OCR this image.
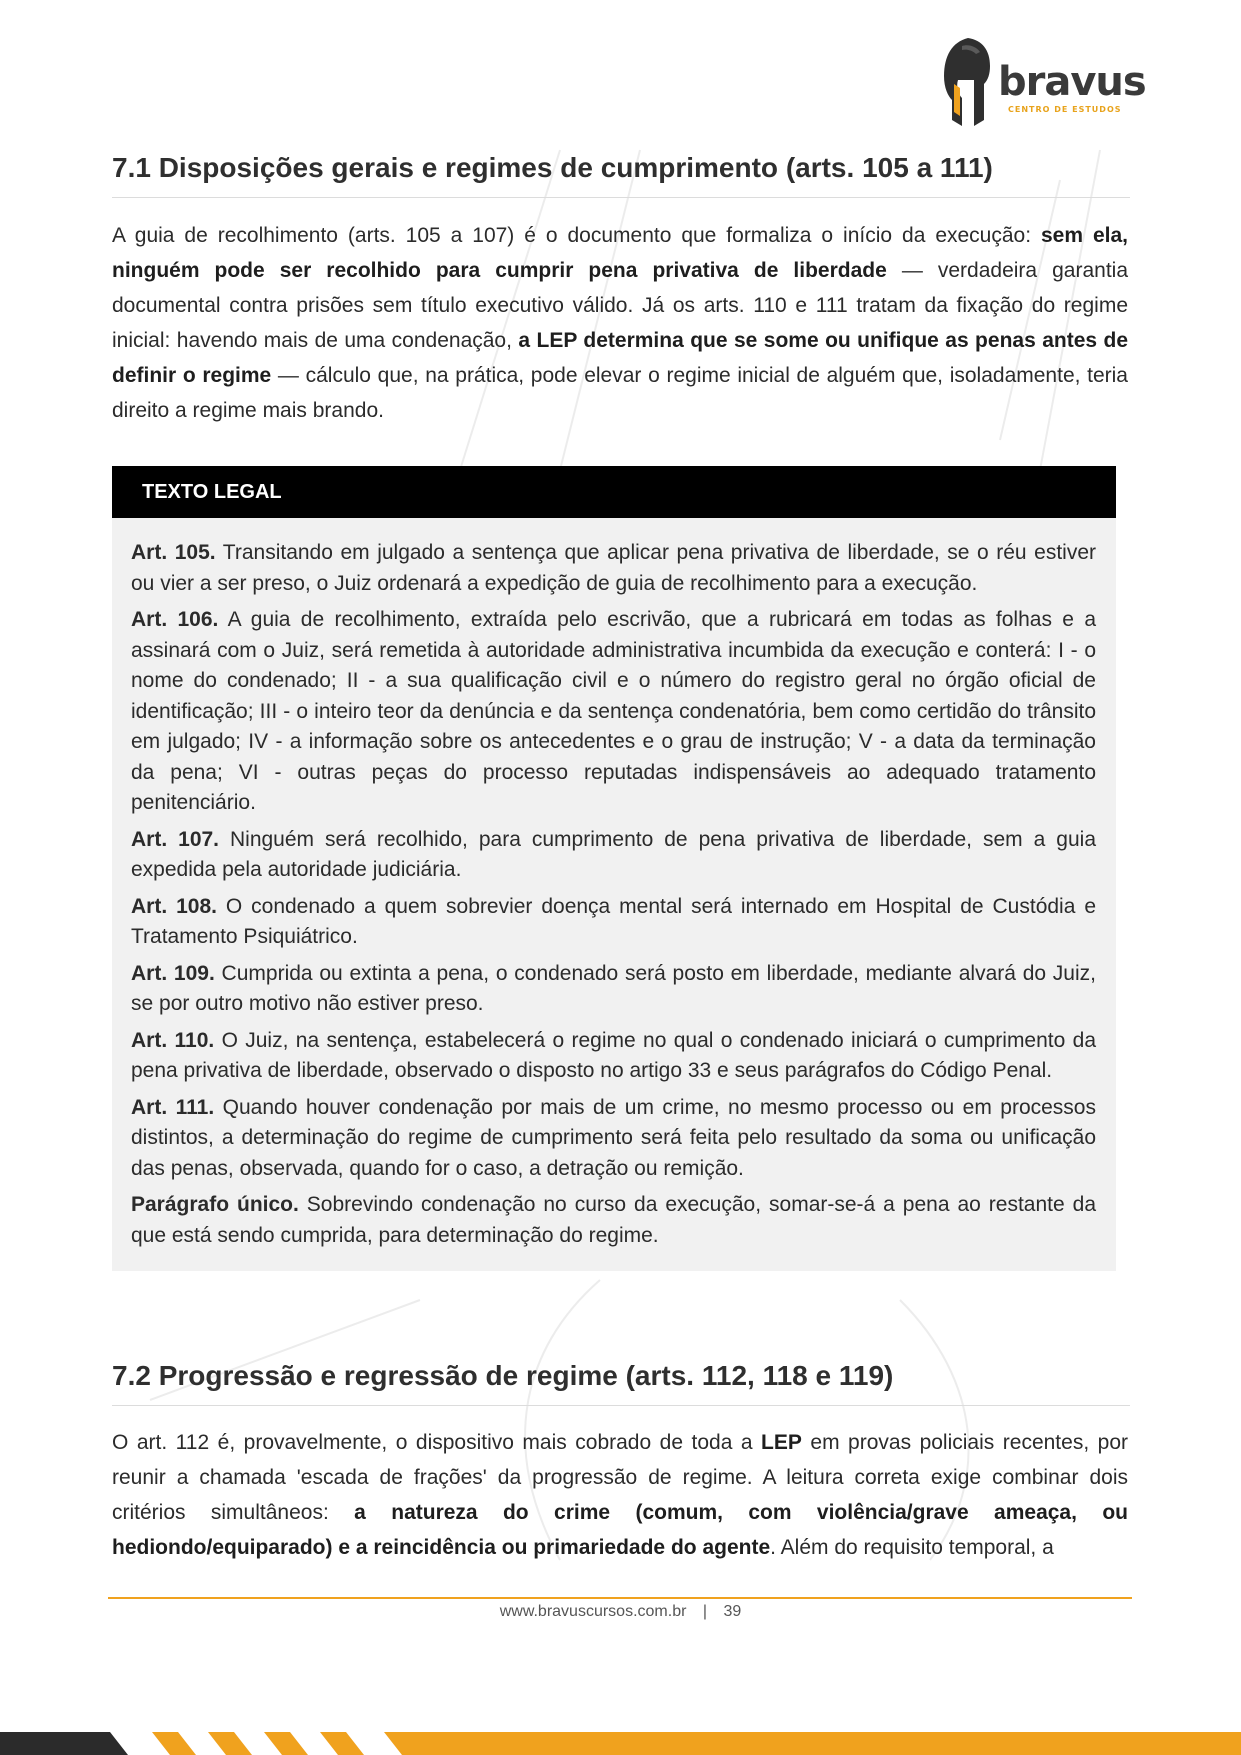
bravus
CENTRO DE ESTUDOS
7.1 Disposições gerais e regimes de cumprimento (arts. 105 a 111)

A guia de recolhimento (arts. 105 a 107) é o documento que formaliza o início da execução: sem ela, ninguém pode ser recolhido para cumprir pena privativa de liberdade — verdadeira garantia documental contra prisões sem título executivo válido. Já os arts. 110 e 111 tratam da fixação do regime inicial: havendo mais de uma condenação, a LEP determina que se some ou unifique as penas antes de definir o regime — cálculo que, na prática, pode elevar o regime inicial de alguém que, isoladamente, teria direito a regime mais brando.

TEXTO LEGAL

Art. 105. Transitando em julgado a sentença que aplicar pena privativa de liberdade, se o réu estiver ou vier a ser preso, o Juiz ordenará a expedição de guia de recolhimento para a execução.

Art. 106. A guia de recolhimento, extraída pelo escrivão, que a rubricará em todas as folhas e a assinará com o Juiz, será remetida à autoridade administrativa incumbida da execução e conterá: I - o nome do condenado; II - a sua qualificação civil e o número do registro geral no órgão oficial de identificação; III - o inteiro teor da denúncia e da sentença condenatória, bem como certidão do trânsito em julgado; IV - a informação sobre os antecedentes e o grau de instrução; V - a data da terminação da pena; VI - outras peças do processo reputadas indispensáveis ao adequado tratamento penitenciário.

Art. 107. Ninguém será recolhido, para cumprimento de pena privativa de liberdade, sem a guia expedida pela autoridade judiciária.

Art. 108. O condenado a quem sobrevier doença mental será internado em Hospital de Custódia e Tratamento Psiquiátrico.

Art. 109. Cumprida ou extinta a pena, o condenado será posto em liberdade, mediante alvará do Juiz, se por outro motivo não estiver preso.

Art. 110. O Juiz, na sentença, estabelecerá o regime no qual o condenado iniciará o cumprimento da pena privativa de liberdade, observado o disposto no artigo 33 e seus parágrafos do Código Penal.

Art. 111. Quando houver condenação por mais de um crime, no mesmo processo ou em processos distintos, a determinação do regime de cumprimento será feita pelo resultado da soma ou unificação das penas, observada, quando for o caso, a detração ou remição.

Parágrafo único. Sobrevindo condenação no curso da execução, somar-se-á a pena ao restante da que está sendo cumprida, para determinação do regime.

7.2 Progressão e regressão de regime (arts. 112, 118 e 119)

O art. 112 é, provavelmente, o dispositivo mais cobrado de toda a LEP em provas policiais recentes, por reunir a chamada 'escada de frações' da progressão de regime. A leitura correta exige combinar dois critérios simultâneos: a natureza do crime (comum, com violência/grave ameaça, ou hediondo/equiparado) e a reincidência ou primariedade do agente. Além do requisito temporal, a

www.bravuscursos.com.br | 39
